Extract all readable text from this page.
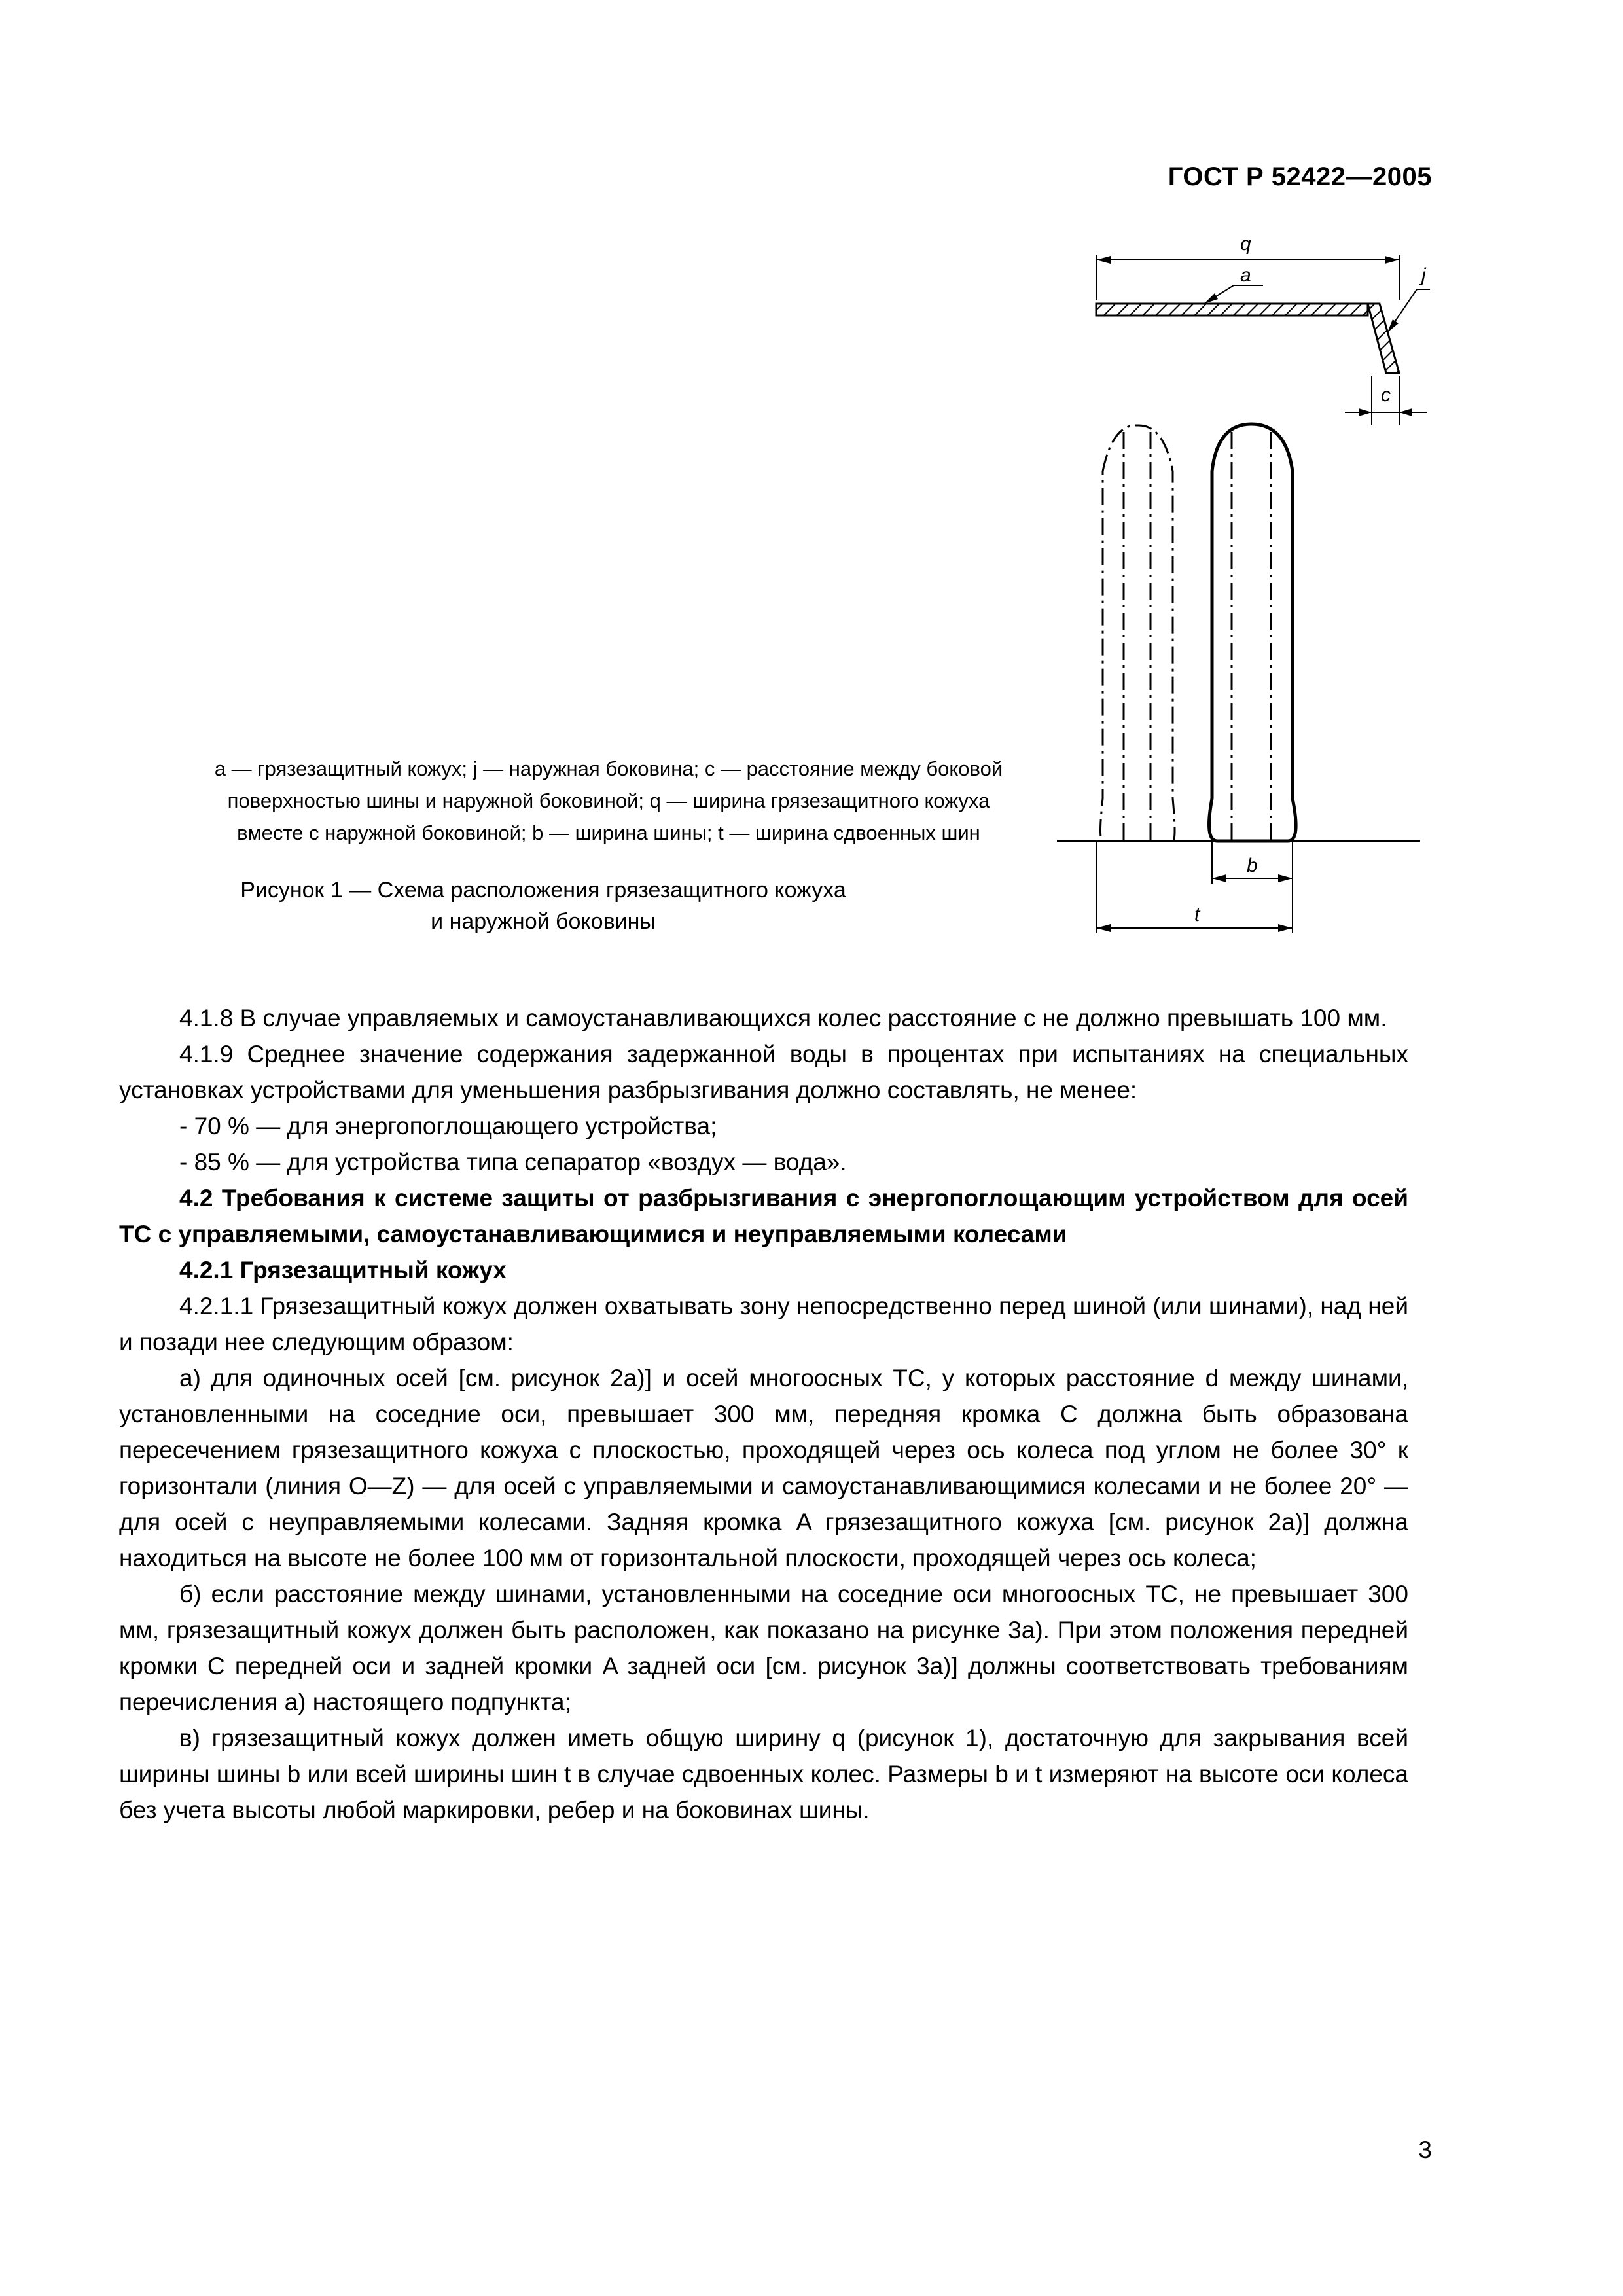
ГОСТ Р 52422—2005
q
a	j
c
b
t
a — грязезащитный кожух; j — наружная боковина; c — расстояние между боковой
поверхностью шины и наружной боковиной; q — ширина грязезащитного кожуха
вместе с наружной боковиной; b — ширина шины; t — ширина сдвоенных шин
Рисунок 1 — Схема расположения грязезащитного кожуха
и наружной боковины

4.1.8 В случае управляемых и самоустанавливающихся колес расстояние c не должно превышать 100 мм.

4.1.9 Среднее значение содержания задержанной воды в процентах при испытаниях на специальных установках устройствами для уменьшения разбрызгивания должно составлять, не менее:

- 70 % — для энергопоглощающего устройства;

- 85 % — для устройства типа сепаратор «воздух — вода».

4.2 Требования к системе защиты от разбрызгивания с энергопоглощающим устройством для осей ТС с управляемыми, самоустанавливающимися и неуправляемыми колесами

4.2.1 Грязезащитный кожух

4.2.1.1 Грязезащитный кожух должен охватывать зону непосредственно перед шиной (или шинами), над ней и позади нее следующим образом:

а) для одиночных осей [см. рисунок 2а)] и осей многоосных ТС, у которых расстояние d между шинами, установленными на соседние оси, превышает 300 мм, передняя кромка C должна быть образована пересечением грязезащитного кожуха с плоскостью, проходящей через ось колеса под углом не более 30° к горизонтали (линия O—Z) — для осей с управляемыми и самоустанавливающимися колесами и не более 20° — для осей с неуправляемыми колесами. Задняя кромка A грязезащитного кожуха [см. рисунок 2а)] должна находиться на высоте не более 100 мм от горизонтальной плоскости, проходящей через ось колеса;

б) если расстояние между шинами, установленными на соседние оси многоосных ТС, не превышает 300 мм, грязезащитный кожух должен быть расположен, как показано на рисунке 3а). При этом положения передней кромки C передней оси и задней кромки A задней оси [см. рисунок 3а)] должны соответствовать требованиям перечисления а) настоящего подпункта;

в) грязезащитный кожух должен иметь общую ширину q (рисунок 1), достаточную для закрывания всей ширины шины b или всей ширины шин t в случае сдвоенных колес. Размеры b и t измеряют на высоте оси колеса без учета высоты любой маркировки, ребер и на боковинах шины.

3
